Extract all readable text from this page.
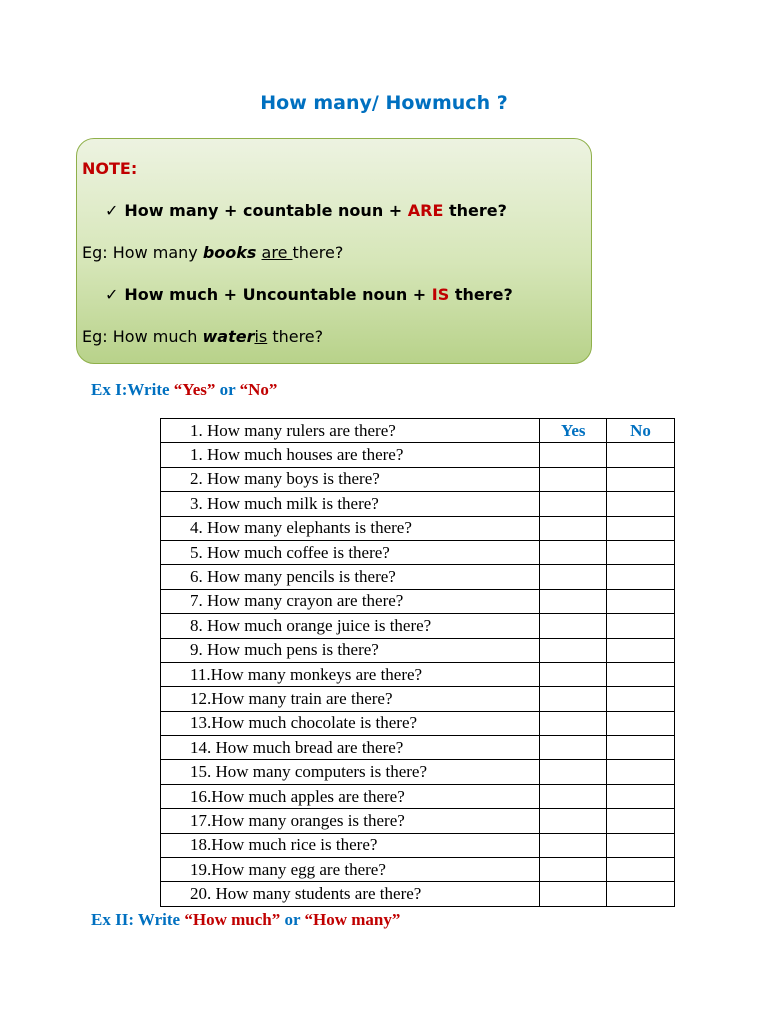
How many/ Howmuch ?
NOTE:
✓ How many + countable noun + ARE there?
Eg: How many books are there?
✓ How much + Uncountable noun + IS there?
Eg: How much wateris there?
Ex I:Write “Yes” or “No”
1. How many rulers are there?	Yes	No
1. How much houses are there?		
2. How many boys is there?		
3. How much milk is there?		
4. How many elephants is there?		
5. How much coffee is there?		
6. How many pencils is there?		
7. How many crayon are there?		
8. How much orange juice is there?		
9. How much pens is there?		
11.How many monkeys are there?		
12.How many train are there?		
13.How much chocolate is there?		
14. How much bread are there?		
15. How many computers is there?		
16.How much apples are there?		
17.How many oranges is there?		
18.How much rice is there?		
19.How many egg are there?		
20. How many students are there?		
Ex II: Write “How much” or “How many”
